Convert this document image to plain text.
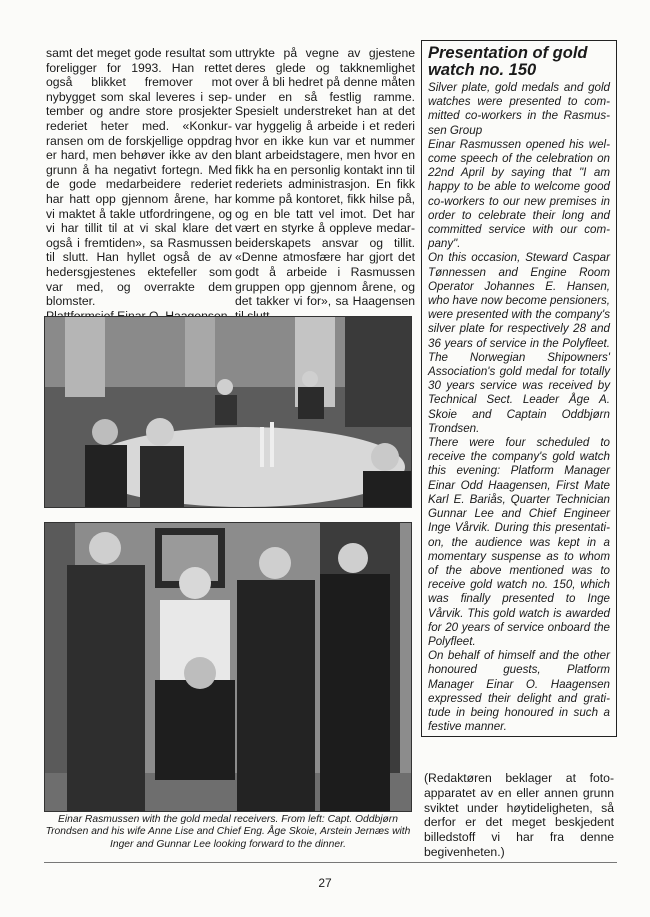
samt det meget gode resultat som foreligger for 1993. Han rettet også blikket fremover mot nybygget som skal leveres i september og andre store prosjekter rederiet heter med. «Konkurransen om de forskjellige oppdrag er hard, men behøver ikke av den grunn å ha negativt fortegn. Med de gode medarbeidere rederiet har hatt opp gjennom årene, har vi maktet å takle utfordringene, og vi har tillit til at vi skal klare det også i fremtiden», sa Rasmussen til slutt. Han hyllet også de av hedersgjestenes ektefeller som var med, og overrakte dem blomster.

uttrykte på vegne av gjestene deres glede og takknemlighet over å bli hedret på denne måten under en så festlig ramme. Spesielt understreket han at det var hyggelig å arbeide i et rederi hvor en ikke kun var et nummer blant arbeidstagere, men hvor en fikk ha en personlig kontakt inn til rederiets administrasjon. En fikk komme på kontoret, fikk hilse på, og en ble tatt vel imot. Det har vært en styrke å oppleve medarbeiderskapets ansvar og tillit. «Denne atmosfære har gjort det godt å arbeide i Rasmussen gruppen opp gjennom årene, og det takker vi for», sa Haagensen

Presentation of gold watch no. 150

Silver plate, gold medals and gold watches were presented to committed co-workers in the Rasmussen Group

Einar Rasmussen opened his welcome speech of the celebration on 22nd April by saying that "I am happy to be able to welcome good co-workers to our new premises in order to celebrate their long and committed service with our company".

On this occasion, Steward Caspar Tønnessen and Engine Room Operator Johannes E. Hansen, who have now become pensioners, were presented with the company's silver plate for respectively 28 and 36 years of service in the Polyfleet. The Norwegian Shipowners' Association's gold medal for totally 30 years service was received by Technical Sect. Leader Åge A. Skoie and Captain Oddbjørn Trondsen.

There were four scheduled to receive the company's gold watch this evening: Platform Manager Einar Odd Haagensen, First Mate Karl E. Bariås, Quarter Technician Gunnar Lee and Chief Engineer Inge Vårvik. During this presentation, the audience was kept in a momentary suspense as to whom of the above mentioned was to receive gold watch no. 150, which was finally presented to Inge Vårvik. This gold watch is awarded for 20 years of service onboard the Polyfleet.

On behalf of himself and the other honoured guests, Platform Manager Einar O. Haagensen expressed their delight and gratitude in being honoured in such a festive manner.

Einar Rasmussen with the gold medal receivers. From left: Capt. Oddbjørn Trondsen and his wife Anne Lise and Chief Eng. Åge Skoie, Arstein Jernæs with Inger and Gunnar Lee looking forward to the dinner.
(Redaktøren beklager at fotoapparatet av en eller annen grunn sviktet under høytideligheten, så derfor er det meget beskjedent billedstoff vi har fra denne begivenheten.)
27
